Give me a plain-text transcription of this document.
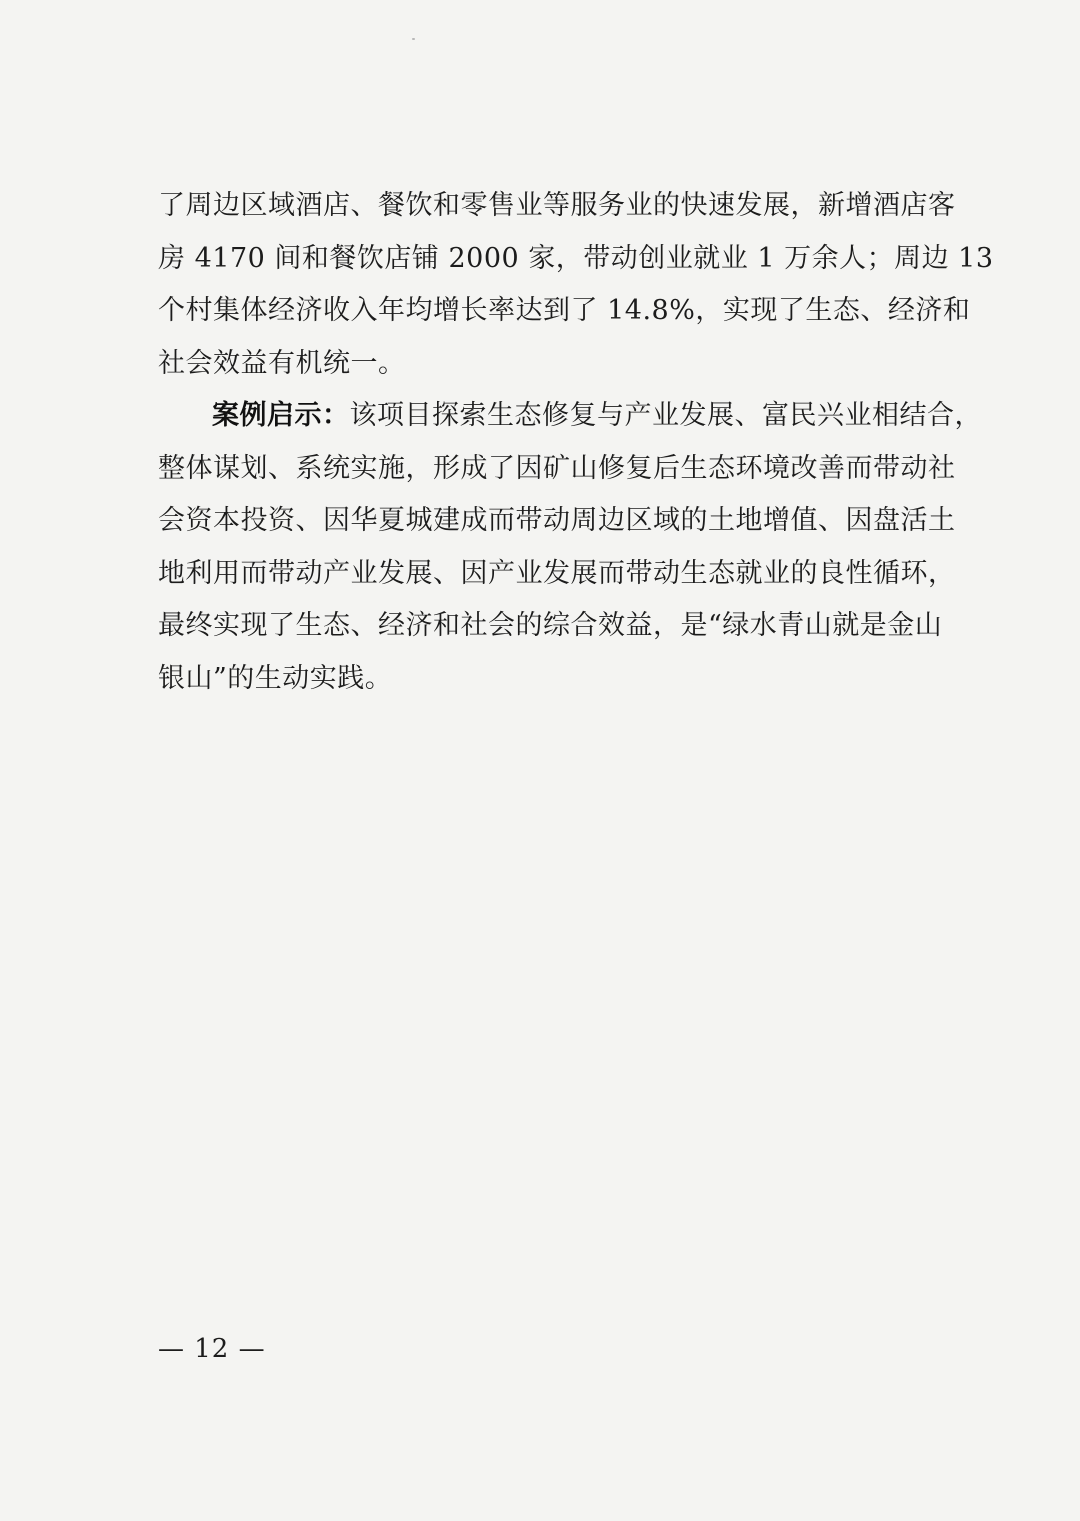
了周边区域酒店、餐饮和零售业等服务业的快速发展，新增酒店客
房 4170 间和餐饮店铺 2000 家，带动创业就业 1 万余人；周边 13
个村集体经济收入年均增长率达到了 14.8%，实现了生态、经济和
社会效益有机统一。
案例启示：该项目探索生态修复与产业发展、富民兴业相结合，
整体谋划、系统实施，形成了因矿山修复后生态环境改善而带动社
会资本投资、因华夏城建成而带动周边区域的土地增值、因盘活土
地利用而带动产业发展、因产业发展而带动生态就业的良性循环，
最终实现了生态、经济和社会的综合效益，是“绿水青山就是金山
银山”的生动实践。
— 12 —
